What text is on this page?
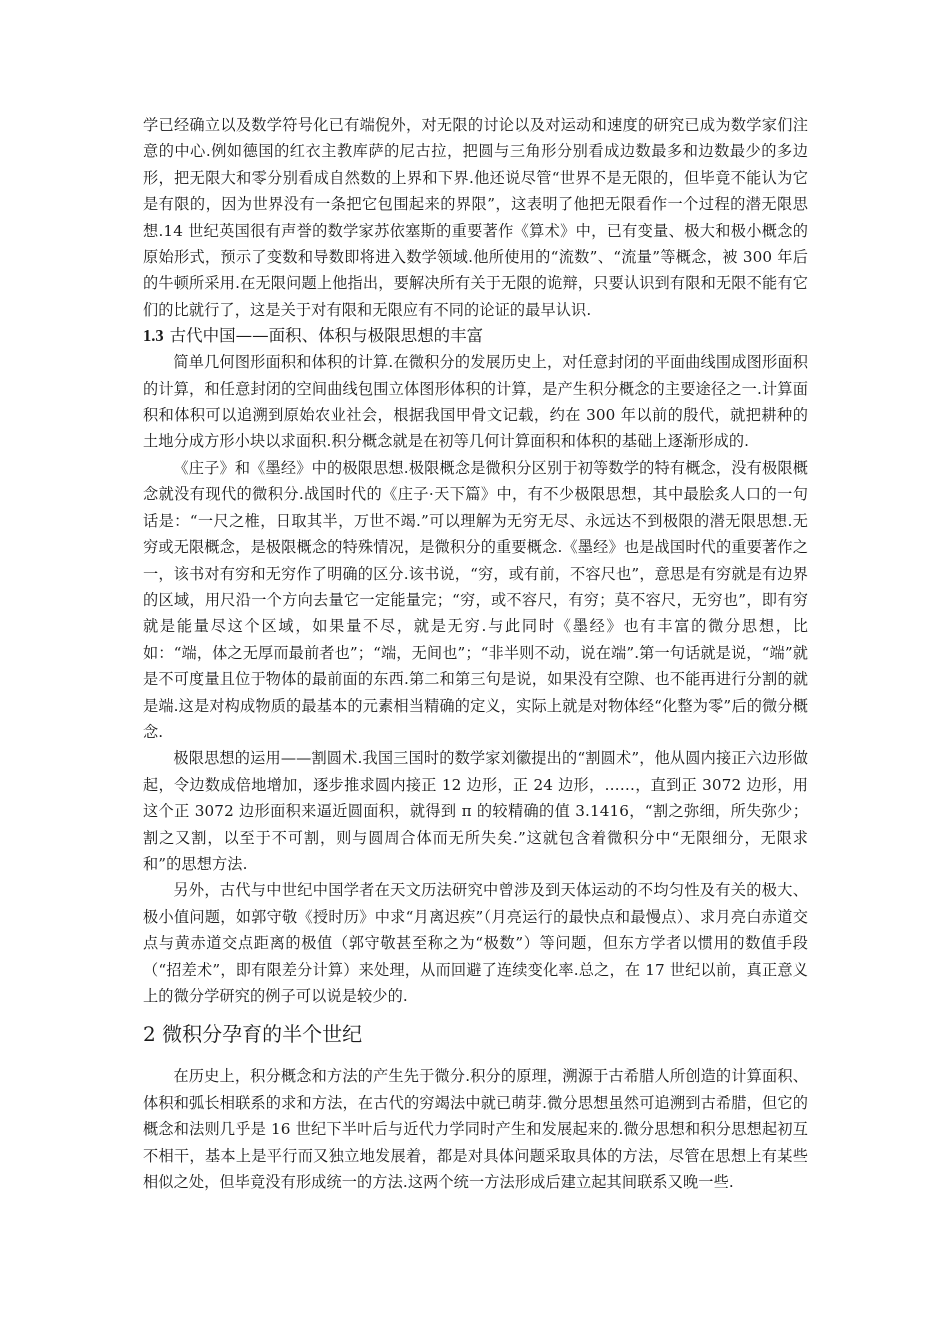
学已经确立以及数学符号化已有端倪外，对无限的讨论以及对运动和速度的研究已成为数学家们注意的中心.例如德国的红衣主教库萨的尼古拉，把圆与三角形分别看成边数最多和边数最少的多边形，把无限大和零分别看成自然数的上界和下界.他还说尽管“世界不是无限的，但毕竟不能认为它是有限的，因为世界没有一条把它包围起来的界限”，这表明了他把无限看作一个过程的潜无限思想.14 世纪英国很有声誉的数学家苏依塞斯的重要著作《算术》中，已有变量、极大和极小概念的原始形式，预示了变数和导数即将进入数学领域.他所使用的“流数”、“流量”等概念，被 300 年后的牛顿所采用.在无限问题上他指出，要解决所有关于无限的诡辩，只要认识到有限和无限不能有它们的比就行了，这是关于对有限和无限应有不同的论证的最早认识.

1.3 古代中国——面积、体积与极限思想的丰富

简单几何图形面积和体积的计算.在微积分的发展历史上，对任意封闭的平面曲线围成图形面积的计算，和任意封闭的空间曲线包围立体图形体积的计算，是产生积分概念的主要途径之一.计算面积和体积可以追溯到原始农业社会，根据我国甲骨文记载，约在 300 年以前的殷代，就把耕种的土地分成方形小块以求面积.积分概念就是在初等几何计算面积和体积的基础上逐渐形成的.

《庄子》和《墨经》中的极限思想.极限概念是微积分区别于初等数学的特有概念，没有极限概念就没有现代的微积分.战国时代的《庄子·天下篇》中，有不少极限思想，其中最脍炙人口的一句话是：“一尺之椎，日取其半，万世不竭.”可以理解为无穷无尽、永远达不到极限的潜无限思想.无穷或无限概念，是极限概念的特殊情况，是微积分的重要概念.《墨经》也是战国时代的重要著作之一，该书对有穷和无穷作了明确的区分.该书说，“穷，或有前，不容尺也”，意思是有穷就是有边界的区域，用尺沿一个方向去量它一定能量完；“穷，或不容尺，有穷；莫不容尺，无穷也”，即有穷就是能量尽这个区域，如果量不尽，就是无穷.与此同时《墨经》也有丰富的微分思想，比如：“端，体之无厚而最前者也”；“端，无间也”；“非半则不动，说在端”.第一句话就是说，“端”就是不可度量且位于物体的最前面的东西.第二和第三句是说，如果没有空隙、也不能再进行分割的就是端.这是对构成物质的最基本的元素相当精确的定义，实际上就是对物体经“化整为零”后的微分概念.

极限思想的运用——割圆术.我国三国时的数学家刘徽提出的“割圆术”，他从圆内接正六边形做起，令边数成倍地增加，逐步推求圆内接正 12 边形，正 24 边形，……，直到正 3072 边形，用这个正 3072 边形面积来逼近圆面积，就得到 π 的较精确的值 3.1416，“割之弥细，所失弥少；割之又割，以至于不可割，则与圆周合体而无所失矣.”这就包含着微积分中“无限细分，无限求和”的思想方法.

另外，古代与中世纪中国学者在天文历法研究中曾涉及到天体运动的不均匀性及有关的极大、极小值问题，如郭守敬《授时历》中求“月离迟疾”（月亮运行的最快点和最慢点）、求月亮白赤道交点与黄赤道交点距离的极值（郭守敬甚至称之为“极数”）等问题，但东方学者以惯用的数值手段（“招差术”，即有限差分计算）来处理，从而回避了连续变化率.总之，在 17 世纪以前，真正意义上的微分学研究的例子可以说是较少的.

2 微积分孕育的半个世纪

在历史上，积分概念和方法的产生先于微分.积分的原理，溯源于古希腊人所创造的计算面积、体积和弧长相联系的求和方法，在古代的穷竭法中就已萌芽.微分思想虽然可追溯到古希腊，但它的概念和法则几乎是 16 世纪下半叶后与近代力学同时产生和发展起来的.微分思想和积分思想起初互不相干，基本上是平行而又独立地发展着，都是对具体问题采取具体的方法，尽管在思想上有某些相似之处，但毕竟没有形成统一的方法.这两个统一方法形成后建立起其间联系又晚一些.
